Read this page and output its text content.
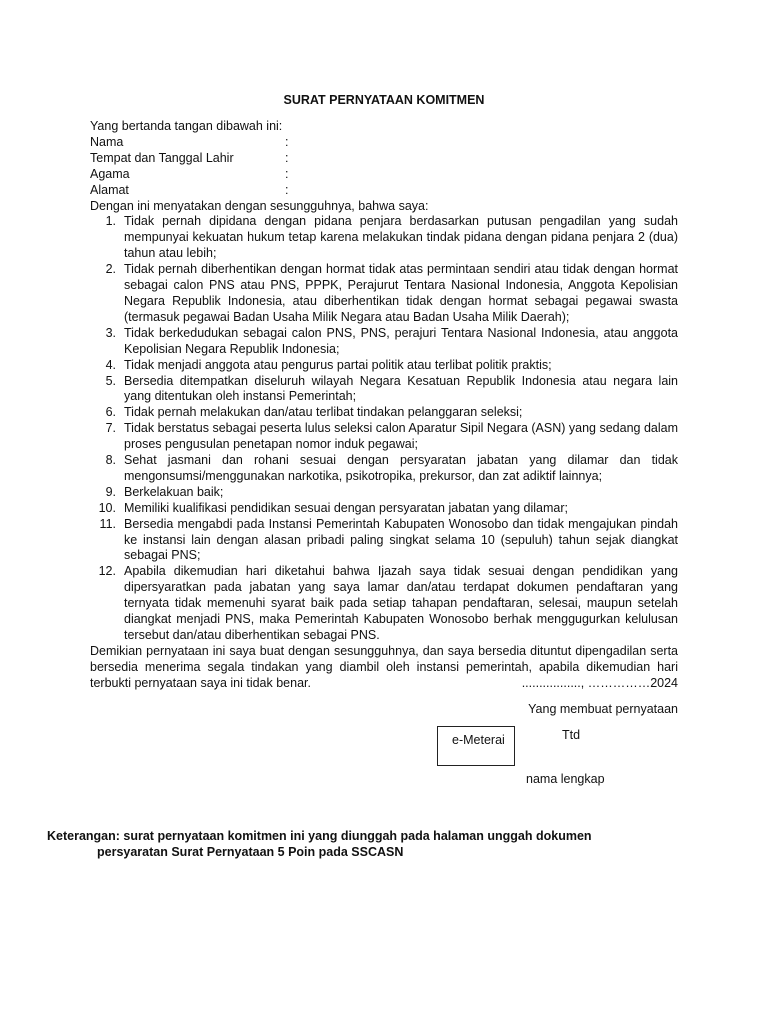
SURAT PERNYATAAN KOMITMEN
Yang bertanda tangan dibawah ini:
Nama	:
Tempat dan Tanggal Lahir	:
Agama	:
Alamat	:
Dengan ini menyatakan dengan sesungguhnya, bahwa saya:
1. Tidak pernah dipidana dengan pidana penjara berdasarkan putusan pengadilan yang sudah mempunyai kekuatan hukum tetap karena melakukan tindak pidana dengan pidana penjara 2 (dua) tahun atau lebih;
2. Tidak pernah diberhentikan dengan hormat tidak atas permintaan sendiri atau tidak dengan hormat sebagai calon PNS atau PNS, PPPK, Perajurut Tentara Nasional Indonesia, Anggota Kepolisian Negara Republik Indonesia, atau diberhentikan tidak dengan hormat sebagai pegawai swasta (termasuk pegawai Badan Usaha Milik Negara atau Badan Usaha Milik Daerah);
3. Tidak berkedudukan sebagai calon PNS, PNS, perajuri Tentara Nasional Indonesia, atau anggota Kepolisian Negara Republik Indonesia;
4. Tidak menjadi anggota atau pengurus partai politik atau terlibat politik praktis;
5. Bersedia ditempatkan diseluruh wilayah Negara Kesatuan Republik Indonesia atau negara lain yang ditentukan oleh instansi Pemerintah;
6. Tidak pernah melakukan dan/atau terlibat tindakan pelanggaran seleksi;
7. Tidak berstatus sebagai peserta lulus seleksi calon Aparatur Sipil Negara (ASN) yang sedang dalam proses pengusulan penetapan nomor induk pegawai;
8. Sehat jasmani dan rohani sesuai dengan persyaratan jabatan yang dilamar dan tidak mengonsumsi/menggunakan narkotika, psikotropika, prekursor, dan zat adiktif lainnya;
9. Berkelakuan baik;
10. Memiliki kualifikasi pendidikan sesuai dengan persyaratan jabatan yang dilamar;
11. Bersedia mengabdi pada Instansi Pemerintah Kabupaten Wonosobo dan tidak mengajukan pindah ke instansi lain dengan alasan pribadi paling singkat selama 10 (sepuluh) tahun sejak diangkat sebagai PNS;
12. Apabila dikemudian hari diketahui bahwa Ijazah saya tidak sesuai dengan pendidikan yang dipersyaratkan pada jabatan yang saya lamar dan/atau terdapat dokumen pendaftaran yang ternyata tidak memenuhi syarat baik pada setiap tahapan pendaftaran, selesai, maupun setelah diangkat menjadi PNS, maka Pemerintah Kabupaten Wonosobo berhak menggugurkan kelulusan tersebut dan/atau diberhentikan sebagai PNS.
Demikian pernyataan ini saya buat dengan sesungguhnya, dan saya bersedia dituntut dipengadilan serta bersedia menerima segala tindakan yang diambil oleh instansi pemerintah, apabila dikemudian hari terbukti pernyataan saya ini tidak benar.	................., ……………2024
Yang membuat pernyataan
e-Meterai	Ttd
nama lengkap
Keterangan: surat pernyataan komitmen ini yang diunggah pada halaman unggah dokumen
persyaratan Surat Pernyataan 5 Poin pada SSCASN
